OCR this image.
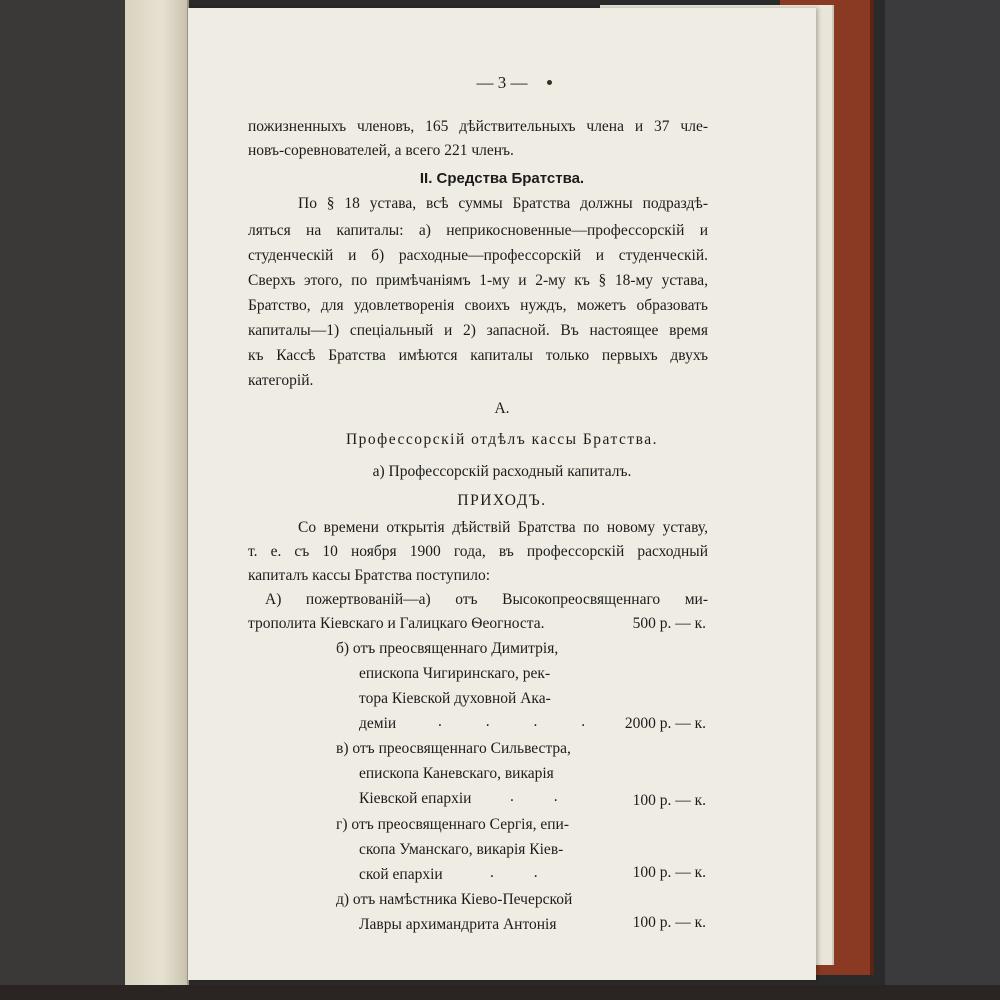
— 3 —
пожизненныхъ членовъ, 165 дѣйствительныхъ члена и 37 чле-
новъ-соревнователей, а всего 221 членъ.
II. Средства Братства.
По § 18 устава, всѣ суммы Братства должны подраздѣ-
ляться на капиталы: а) неприкосновенные—профессорскій и
студенческій и б) расходные—профессорскій и студенческій.
Сверхъ этого, по примѣчаніямъ 1-му и 2-му къ § 18-му устава,
Братство, для удовлетворенія своихъ нуждъ, можетъ образовать
капиталы—1) спеціальный и 2) запасной. Въ настоящее время
къ Кассѣ Братства имѣются капиталы только первыхъ двухъ
категорій.
А.
Профессорскій отдѣлъ кассы Братства.
а) Профессорскій расходный капиталъ.
ПРИХОДЪ.
Со времени открытія дѣйствій Братства по новому уставу,
т. е. съ 10 ноября 1900 года, въ профессорскій расходный
капиталъ кассы Братства поступило:
А) пожертвованій—а) отъ Высокопреосвященнаго ми-
трополита Кіевскаго и Галицкаго Ѳеогноста.	500 р. — к.
б) отъ преосвященнаго Димитрія,
епископа Чигиринскаго, рек-
тора Кіевской духовной Ака-
деміи	. . . .	2000 р. — к.
в) отъ преосвященнаго Сильвестра,
епископа Каневскаго, викарія
Кіевской епархіи . .	100 р. — к.
г) отъ преосвященнаго Сергія, епи-
скопа Уманскаго, викарія Кіев-
ской епархіи	. .	100 р. — к.
д) отъ намѣстника Кіево-Печерской
Лавры архимандрита Антонія	100 р. — к.
